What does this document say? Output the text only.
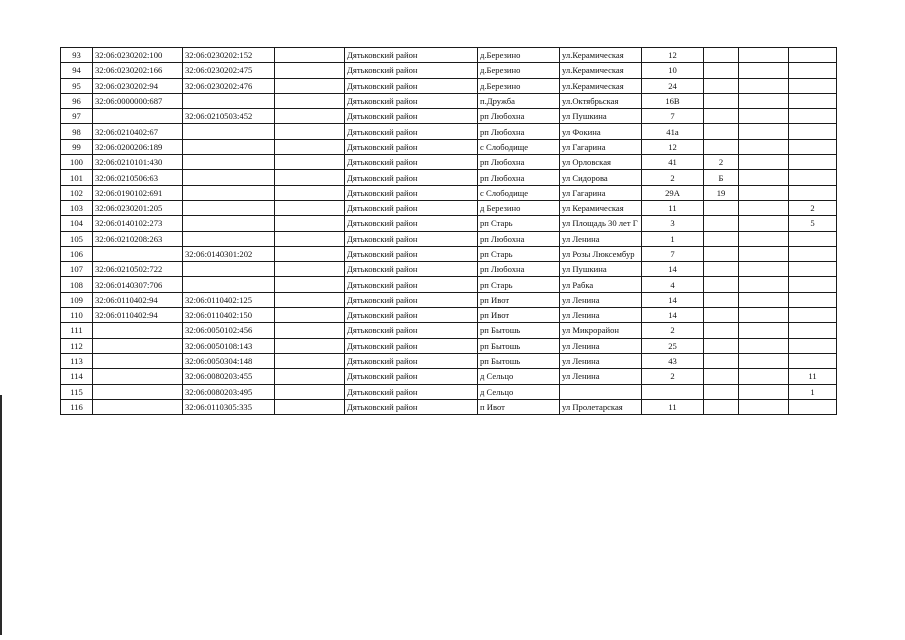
93	32:06:0230202:100	32:06:0230202:152		Дятьковский район	д.Березино	ул.Керамическая	12			
94	32:06:0230202:166	32:06:0230202:475		Дятьковский район	д.Березино	ул.Керамическая	10			
95	32:06:0230202:94	32:06:0230202:476		Дятьковский район	д.Березино	ул.Керамическая	24			
96	32:06:0000000:687			Дятьковский район	п.Дружба	ул.Октябрьская	16В			
97		32:06:0210503:452		Дятьковский район	рп Любохна	ул Пушкина	7			
98	32:06:0210402:67			Дятьковский район	рп Любохна	ул Фокина	41а			
99	32:06:0200206:189			Дятьковский район	с Слободище	ул Гагарина	12			
100	32:06:0210101:430			Дятьковский район	рп Любохна	ул Орловская	41	2		
101	32:06:0210506:63			Дятьковский район	рп Любохна	ул Сидорова	2	Б		
102	32:06:0190102:691			Дятьковский район	с Слободище	ул Гагарина	29А	19		
103	32:06:0230201:205			Дятьковский район	д Березино	ул Керамическая	11			2
104	32:06:0140102:273			Дятьковский район	рп Старь	ул Площадь 30 лет Г	3			5
105	32:06:0210208:263			Дятьковский район	рп Любохна	ул Ленина	1			
106		32:06:0140301:202		Дятьковский район	рп Старь	ул Розы Люксембур	7			
107	32:06:0210502:722			Дятьковский район	рп Любохна	ул Пушкина	14			
108	32:06:0140307:706			Дятьковский район	рп Старь	ул Рабка	4			
109	32:06:0110402:94	32:06:0110402:125		Дятьковский район	рп Ивот	ул Ленина	14			
110	32:06:0110402:94	32:06:0110402:150		Дятьковский район	рп Ивот	ул Ленина	14			
111		32:06:0050102:456		Дятьковский район	рп Бытошь	ул Микрорайон	2			
112		32:06:0050108:143		Дятьковский район	рп Бытошь	ул Ленина	25			
113		32:06:0050304:148		Дятьковский район	рп Бытошь	ул Ленина	43			
114		32:06:0080203:455		Дятьковский район	д Сельцо	ул Ленина	2			11
115		32:06:0080203:495		Дятьковский район	д Сельцо					1
116		32:06:0110305:335		Дятьковский район	п Ивот	ул Пролетарская	11			
